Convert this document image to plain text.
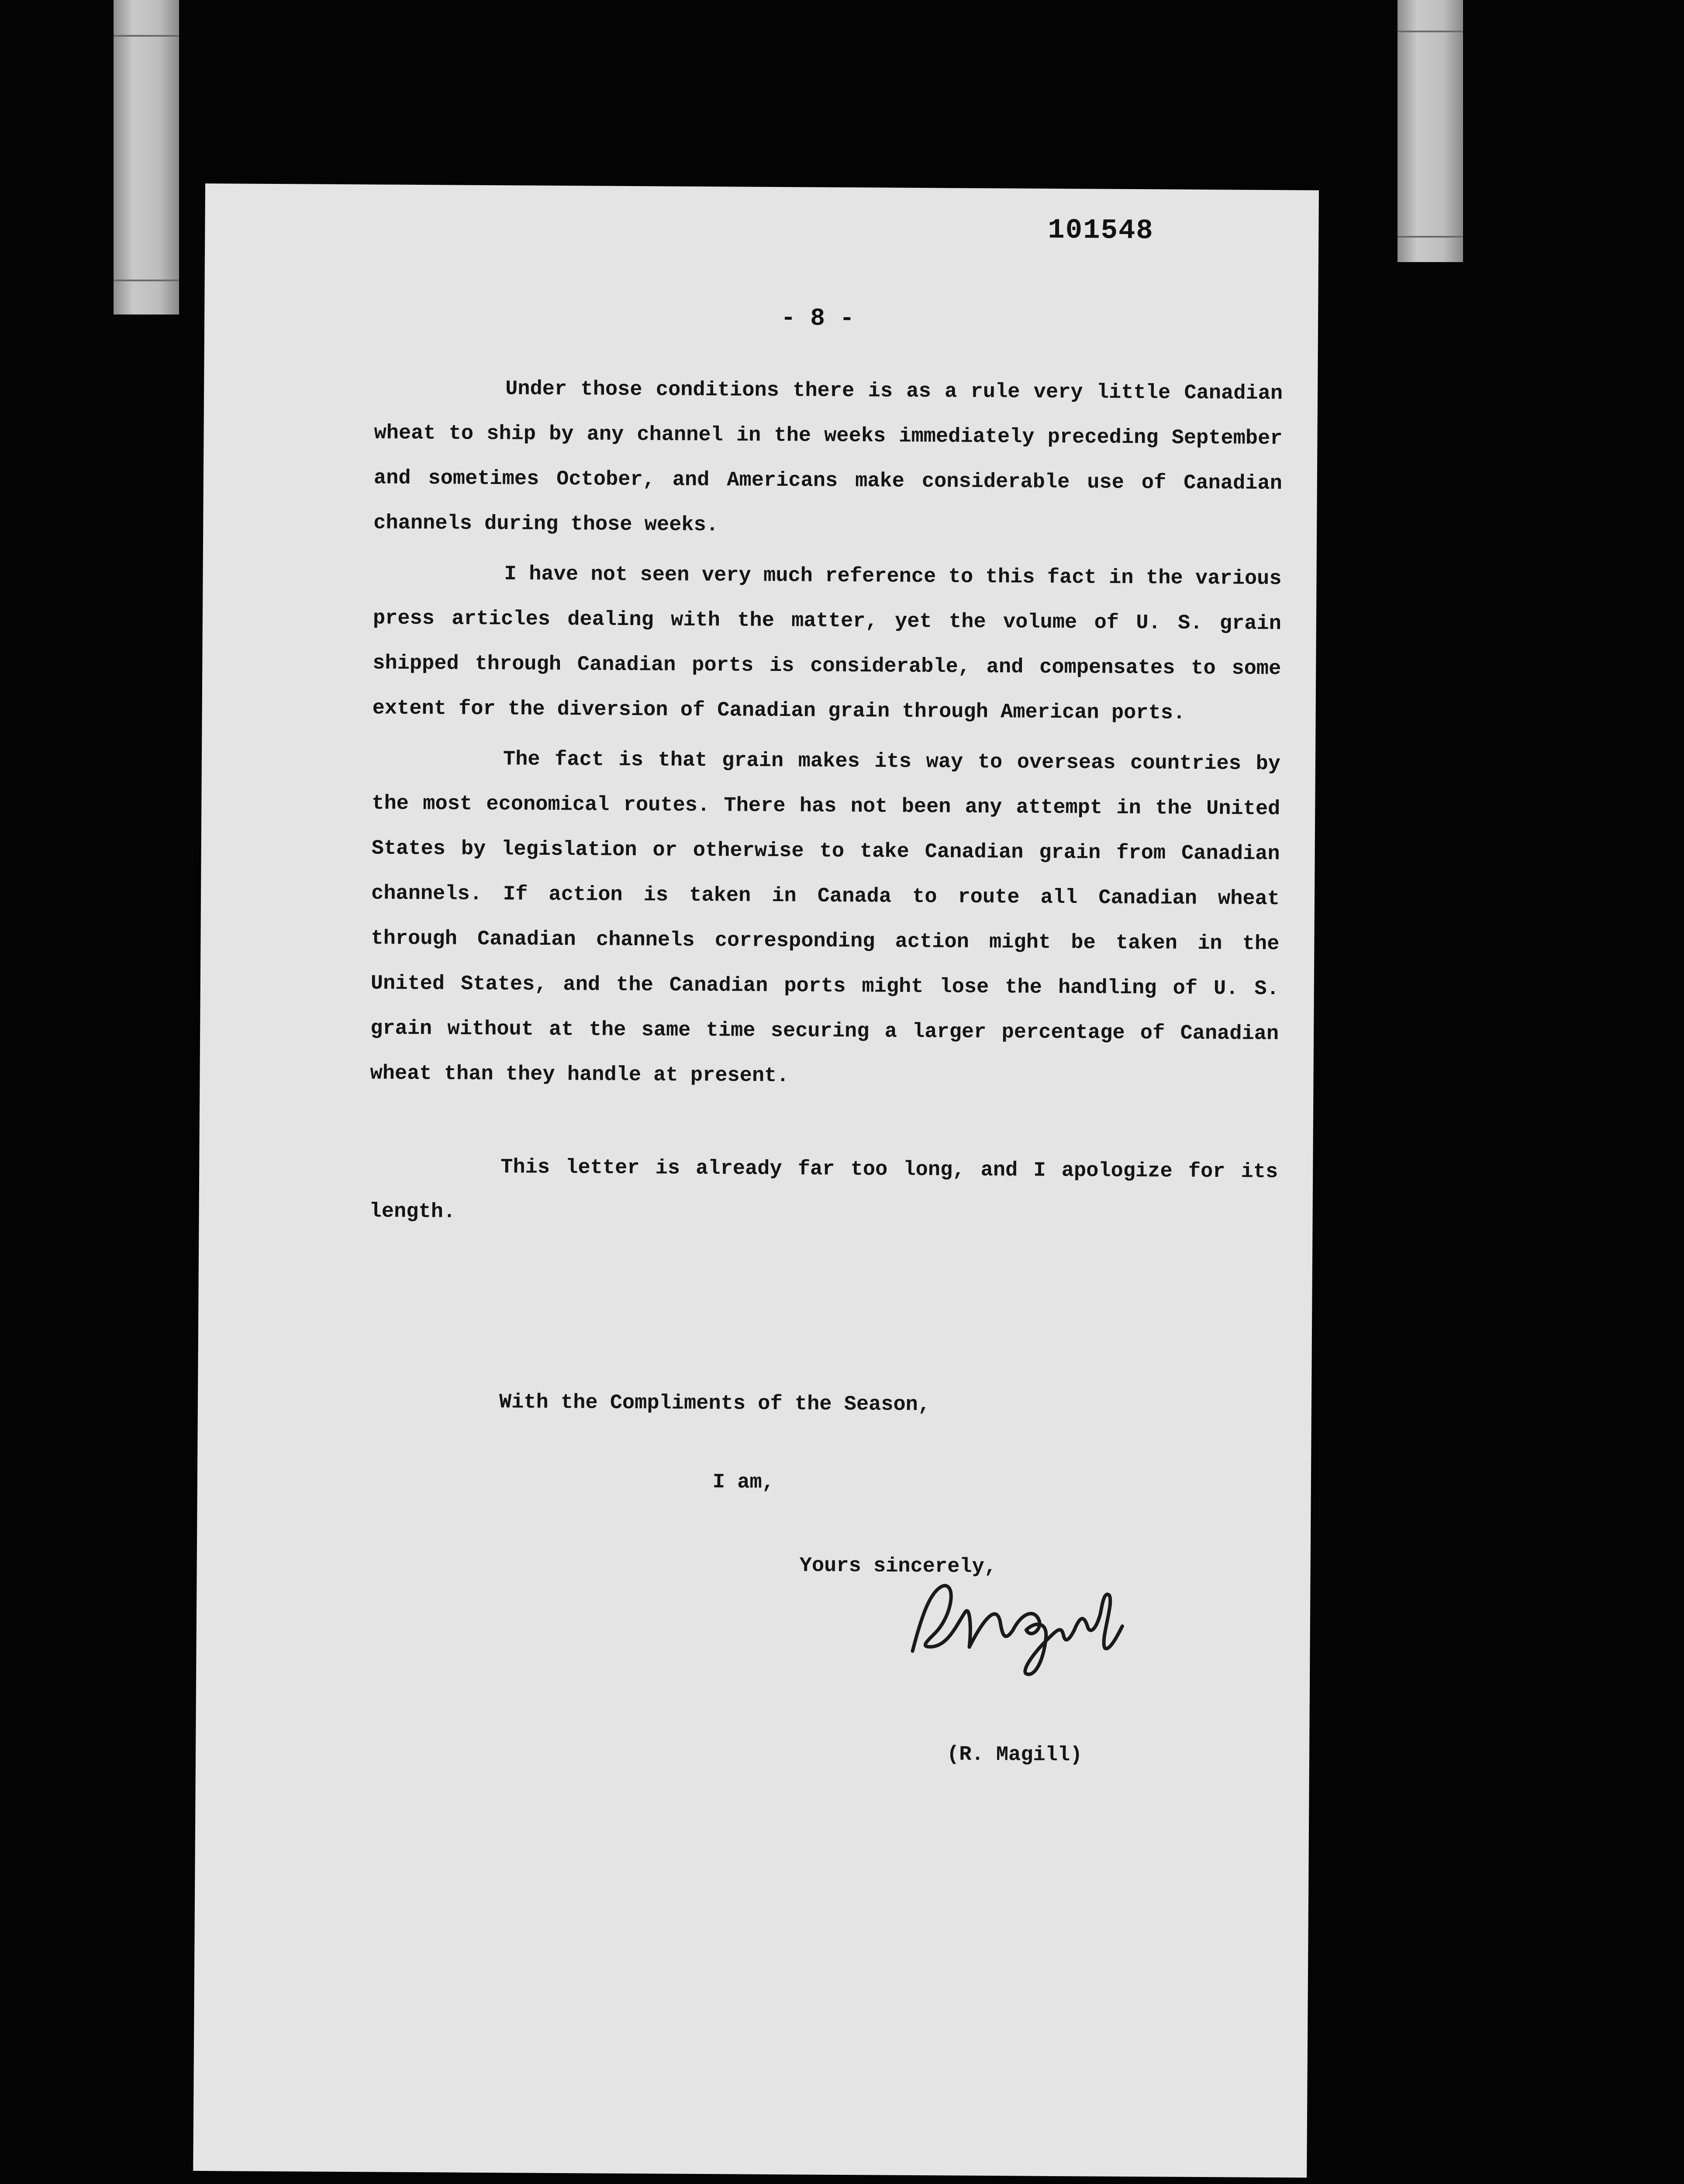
101548
- 8 -

Under those conditions there is as a rule very little Canadian wheat to ship by any channel in the weeks immediately preceding September and sometimes October, and Americans make considerable use of Canadian channels during those weeks.

I have not seen very much reference to this fact in the various press articles dealing with the matter, yet the volume of U. S. grain shipped through Canadian ports is considerable, and compensates to some extent for the diversion of Canadian grain through American ports.

The fact is that grain makes its way to overseas countries by the most economical routes. There has not been any attempt in the United States by legislation or otherwise to take Canadian grain from Canadian channels. If action is taken in Canada to route all Canadian wheat through Canadian channels corresponding action might be taken in the United States, and the Canadian ports might lose the handling of U. S. grain without at the same time securing a larger percentage of Canadian wheat than they handle at present.

This letter is already far too long, and I apologize for its length.

With the Compliments of the Season,
I am,
Yours sincerely,
(R. Magill)
